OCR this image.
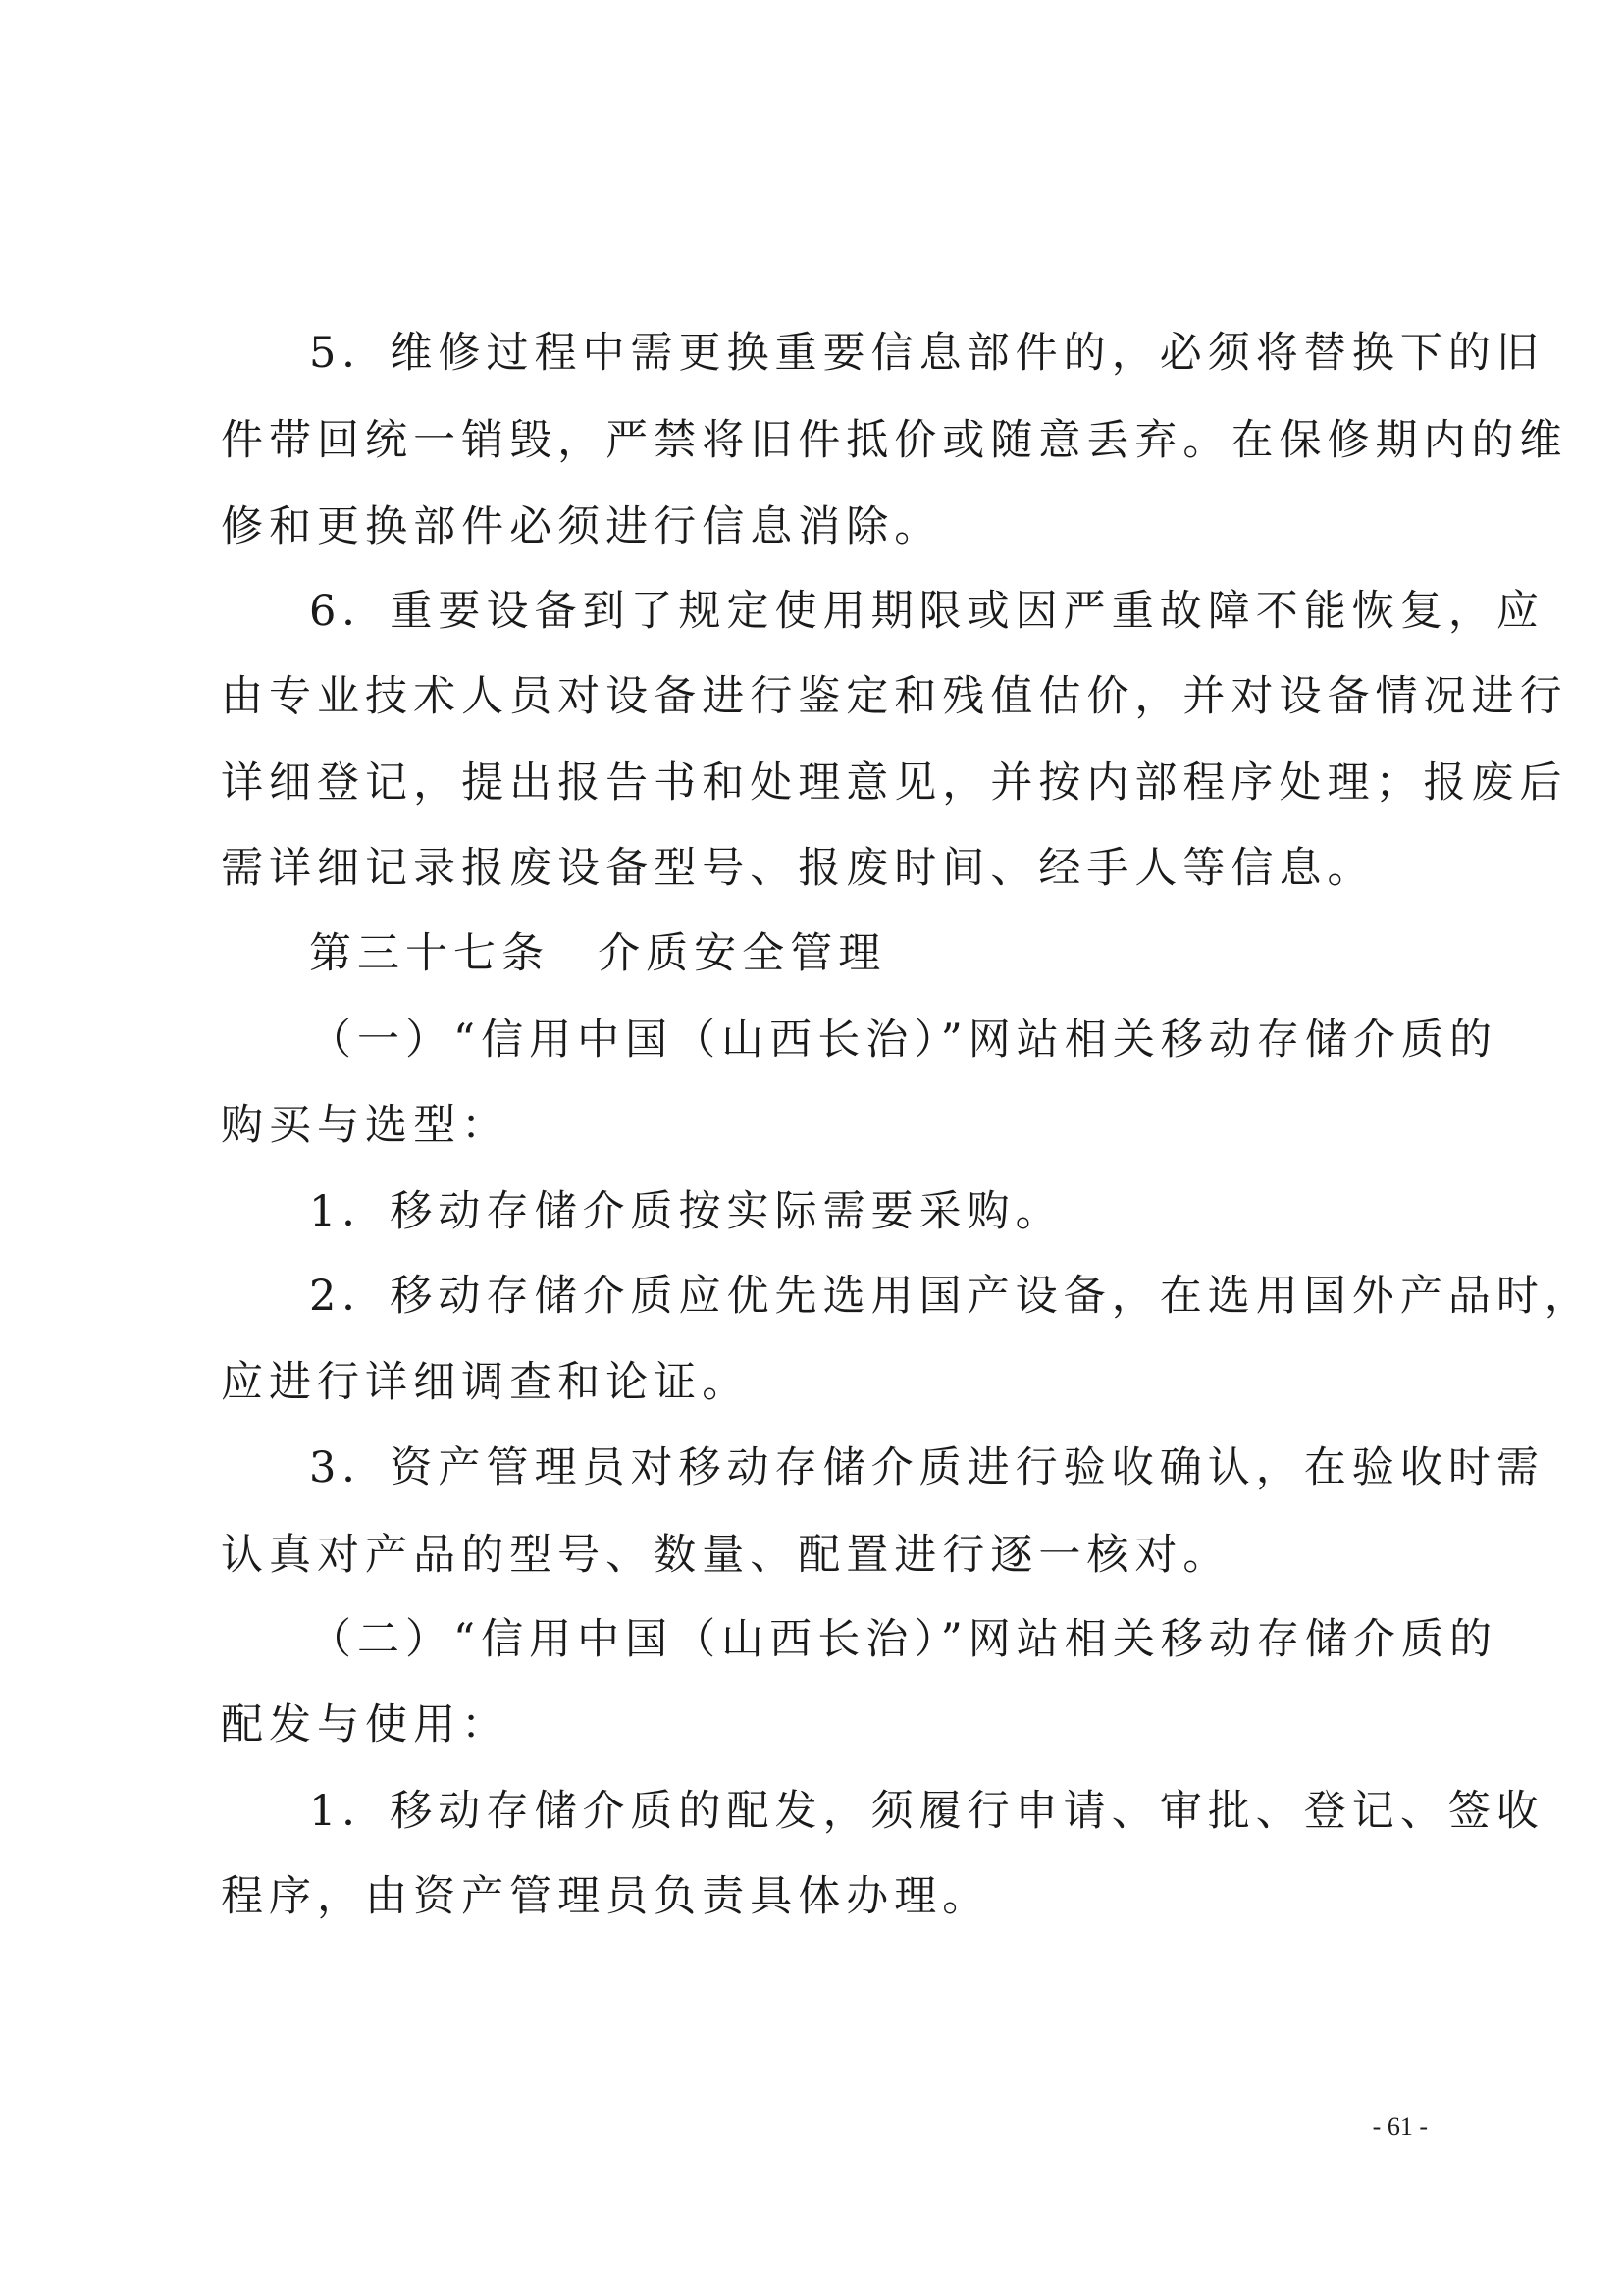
5．维修过程中需更换重要信息部件的，必须将替换下的旧
件带回统一销毁，严禁将旧件抵价或随意丢弃。在保修期内的维
修和更换部件必须进行信息消除。
6．重要设备到了规定使用期限或因严重故障不能恢复，应
由专业技术人员对设备进行鉴定和残值估价，并对设备情况进行
详细登记，提出报告书和处理意见，并按内部程序处理；报废后
需详细记录报废设备型号、报废时间、经手人等信息。
第三十七条　介质安全管理
（一）“信用中国（山西长治）”网站相关移动存储介质的
购买与选型：
1．移动存储介质按实际需要采购。
2．移动存储介质应优先选用国产设备，在选用国外产品时，
应进行详细调查和论证。
3．资产管理员对移动存储介质进行验收确认，在验收时需
认真对产品的型号、数量、配置进行逐一核对。
（二）“信用中国（山西长治）”网站相关移动存储介质的
配发与使用：
1．移动存储介质的配发，须履行申请、审批、登记、签收
程序，由资产管理员负责具体办理。
- 61 -
